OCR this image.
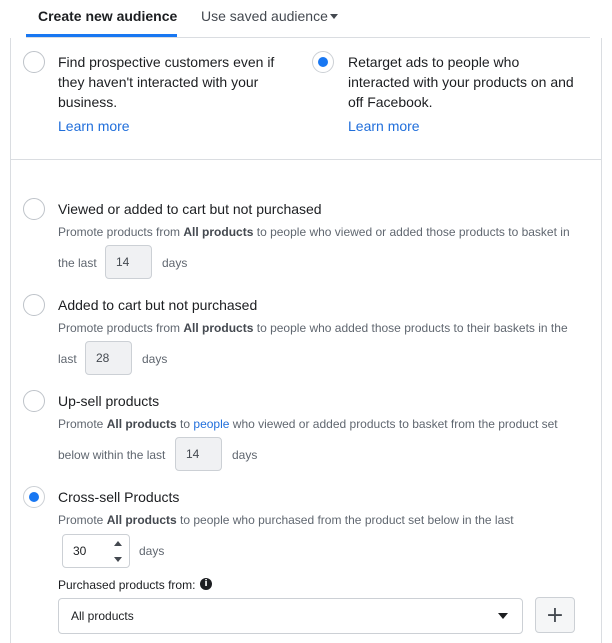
Create new audience Use saved audience
Find prospective customers even if
they haven't interacted with your
business.
Learn more
Retarget ads to people who
interacted with your products on and
off Facebook.
Learn more
Viewed or added to cart but not purchased
Promote products from All products to people who viewed or added those products to basket in
the last	14	days
Added to cart but not purchased
Promote products from All products to people who added those products to their baskets in the
last	28	days
Up-sell products
Promote All products to people who viewed or added products to basket from the product set
below within the last	14	days
Cross-sell Products
Promote All products to people who purchased from the product set below in the last
30	days
Purchased products from:	i
All products	+
